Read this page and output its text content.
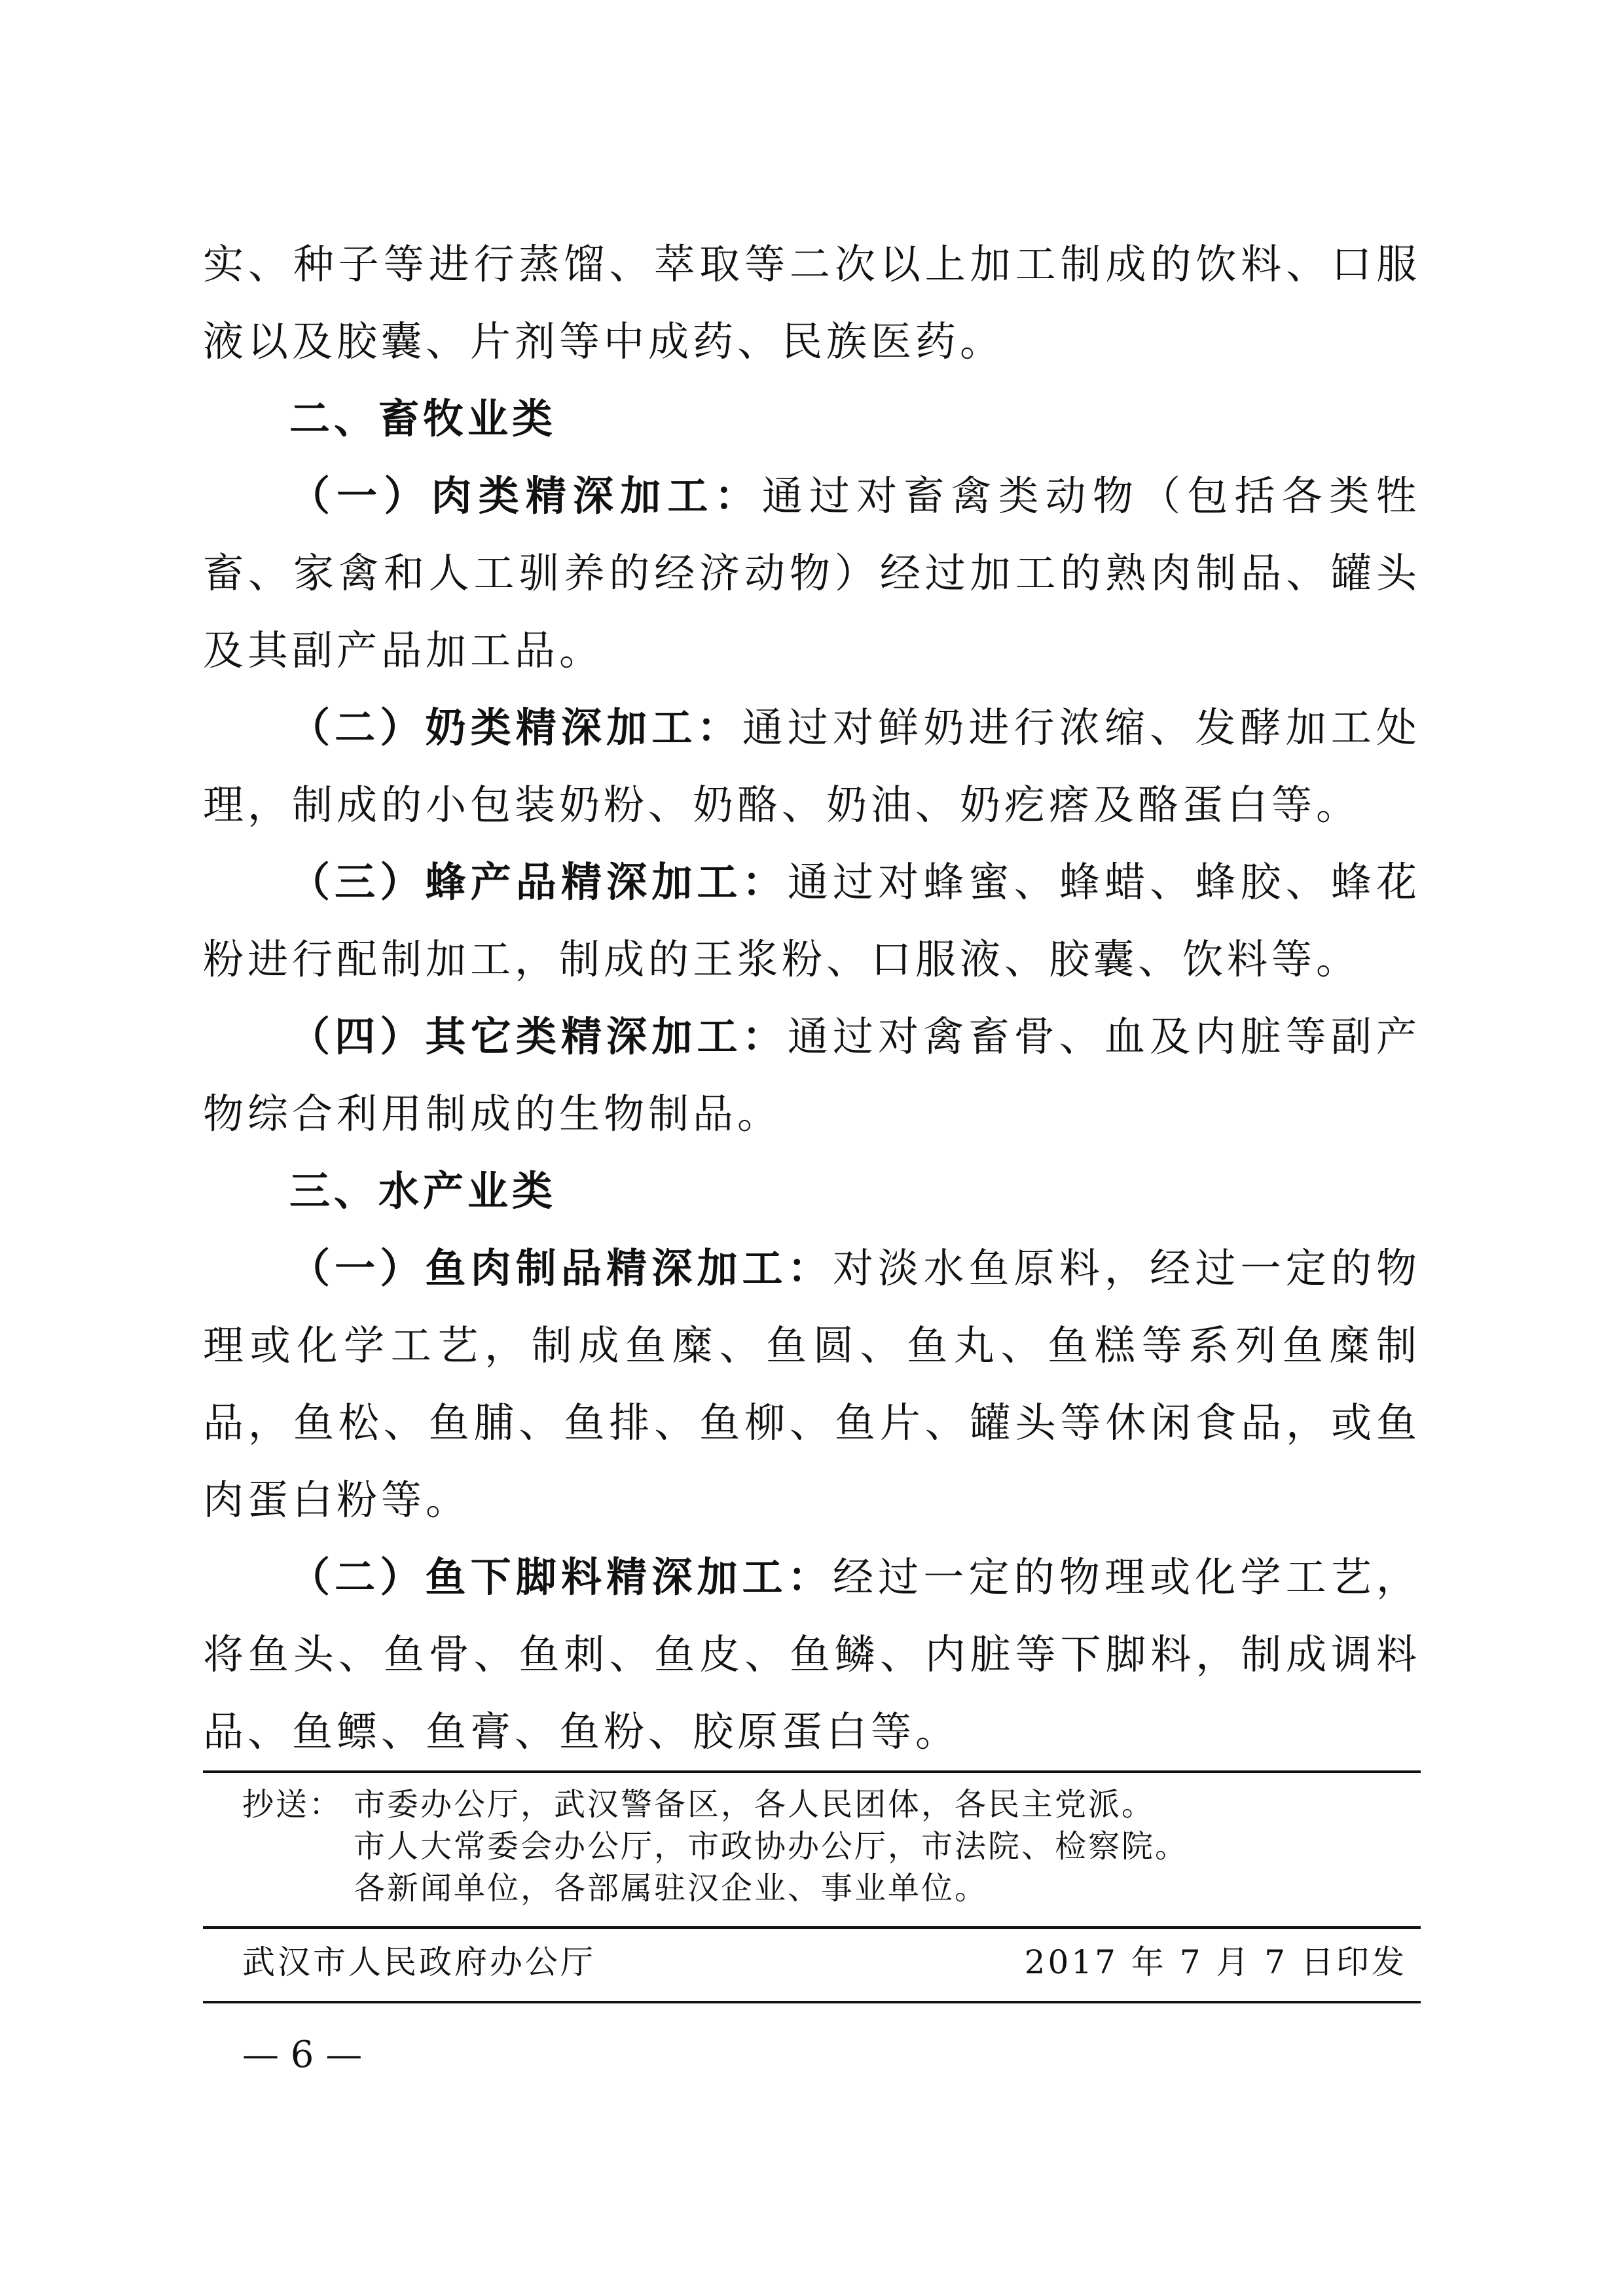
实、种子等进行蒸馏、萃取等二次以上加工制成的饮料、口服液以及胶囊、片剂等中成药、民族医药。

二、畜牧业类

（一）肉类精深加工：通过对畜禽类动物（包括各类牲畜、家禽和人工驯养的经济动物）经过加工的熟肉制品、罐头及其副产品加工品。

（二）奶类精深加工：通过对鲜奶进行浓缩、发酵加工处理，制成的小包装奶粉、奶酪、奶油、奶疙瘩及酪蛋白等。

（三）蜂产品精深加工：通过对蜂蜜、蜂蜡、蜂胶、蜂花粉进行配制加工，制成的王浆粉、口服液、胶囊、饮料等。

（四）其它类精深加工：通过对禽畜骨、血及内脏等副产物综合利用制成的生物制品。

三、水产业类

（一）鱼肉制品精深加工：对淡水鱼原料，经过一定的物理或化学工艺，制成鱼糜、鱼圆、鱼丸、鱼糕等系列鱼糜制品，鱼松、鱼脯、鱼排、鱼柳、鱼片、罐头等休闲食品，或鱼肉蛋白粉等。

（二）鱼下脚料精深加工：经过一定的物理或化学工艺，将鱼头、鱼骨、鱼刺、鱼皮、鱼鳞、内脏等下脚料，制成调料品、鱼鳔、鱼膏、鱼粉、胶原蛋白等。

抄送： 市委办公厅，武汉警备区，各人民团体，各民主党派。
市人大常委会办公厅，市政协办公厅，市法院、检察院。
各新闻单位，各部属驻汉企业、事业单位。
武汉市人民政府办公厅	2017 年 7 月 7 日印发
— 6 —
